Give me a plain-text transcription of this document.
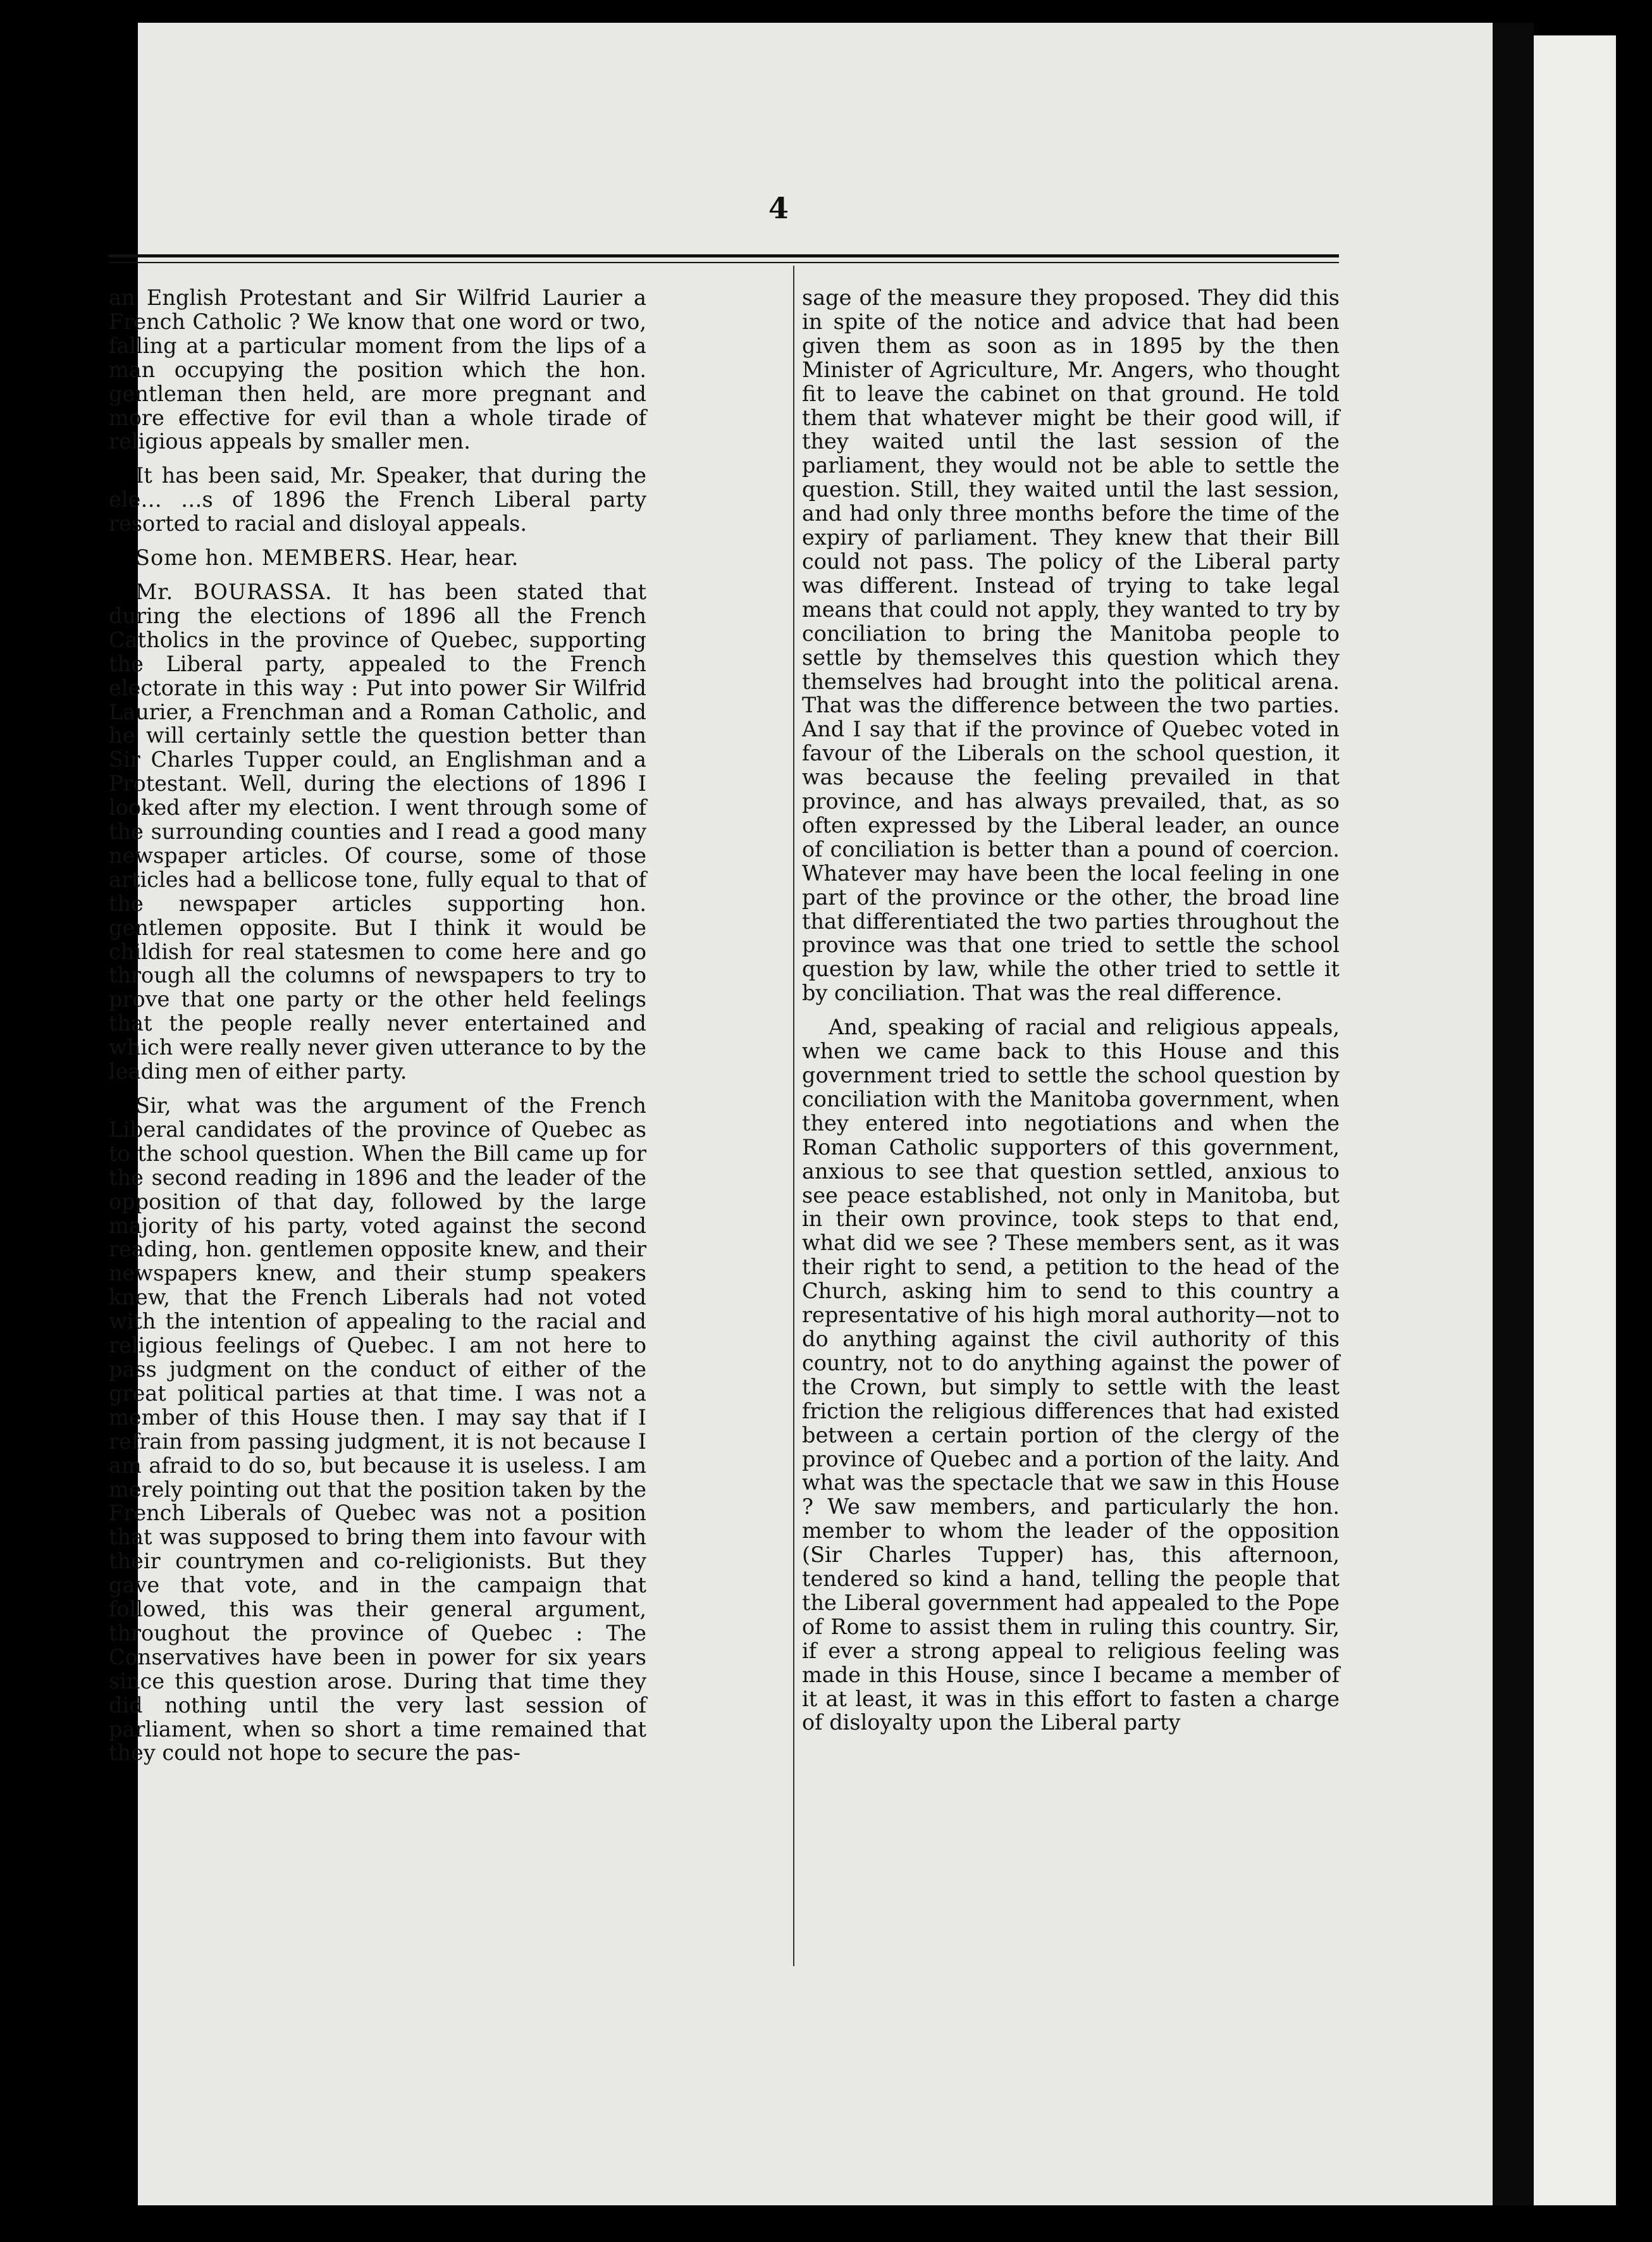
4

an English Protestant and Sir Wilfrid Laurier a French Catholic ? We know that one word or two, falling at a particular moment from the lips of a man occupying the position which the hon. gentleman then held, are more pregnant and more effective for evil than a whole tirade of religious appeals by smaller men.

It has been said, Mr. Speaker, that during the ele… …s of 1896 the French Liberal party resorted to racial and disloyal appeals.

Some hon. MEMBERS. Hear, hear.

Mr. BOURASSA. It has been stated that during the elections of 1896 all the French Catholics in the province of Quebec, supporting the Liberal party, appealed to the French electorate in this way : Put into power Sir Wilfrid Laurier, a Frenchman and a Roman Catholic, and he will certainly settle the question better than Sir Charles Tupper could, an Englishman and a Protestant. Well, during the elections of 1896 I looked after my election. I went through some of the surrounding counties and I read a good many newspaper articles. Of course, some of those articles had a bellicose tone, fully equal to that of the newspaper articles supporting hon. gentlemen opposite. But I think it would be childish for real statesmen to come here and go through all the columns of newspapers to try to prove that one party or the other held feelings that the people really never entertained and which were really never given utterance to by the leading men of either party.

Sir, what was the argument of the French Liberal candidates of the province of Quebec as to the school question. When the Bill came up for the second reading in 1896 and the leader of the opposition of that day, followed by the large majority of his party, voted against the second reading, hon. gentlemen opposite knew, and their newspapers knew, and their stump speakers knew, that the French Liberals had not voted with the intention of appealing to the racial and religious feelings of Quebec. I am not here to pass judgment on the conduct of either of the great political parties at that time. I was not a member of this House then. I may say that if I refrain from passing judgment, it is not because I am afraid to do so, but because it is useless. I am merely pointing out that the position taken by the French Liberals of Quebec was not a position that was supposed to bring them into favour with their countrymen and co-religionists. But they gave that vote, and in the campaign that followed, this was their general argument, throughout the province of Quebec : The Conservatives have been in power for six years since this question arose. During that time they did nothing until the very last session of parliament, when so short a time remained that they could not hope to secure the pas-

sage of the measure they proposed. They did this in spite of the notice and advice that had been given them as soon as in 1895 by the then Minister of Agriculture, Mr. Angers, who thought fit to leave the cabinet on that ground. He told them that whatever might be their good will, if they waited until the last session of the parliament, they would not be able to settle the question. Still, they waited until the last session, and had only three months before the time of the expiry of parliament. They knew that their Bill could not pass. The policy of the Liberal party was different. Instead of trying to take legal means that could not apply, they wanted to try by conciliation to bring the Manitoba people to settle by themselves this question which they themselves had brought into the political arena. That was the difference between the two parties. And I say that if the province of Quebec voted in favour of the Liberals on the school question, it was because the feeling prevailed in that province, and has always prevailed, that, as so often expressed by the Liberal leader, an ounce of conciliation is better than a pound of coercion. Whatever may have been the local feeling in one part of the province or the other, the broad line that differentiated the two parties throughout the province was that one tried to settle the school question by law, while the other tried to settle it by conciliation. That was the real difference.

And, speaking of racial and religious appeals, when we came back to this House and this government tried to settle the school question by conciliation with the Manitoba government, when they entered into negotiations and when the Roman Catholic supporters of this government, anxious to see that question settled, anxious to see peace established, not only in Manitoba, but in their own province, took steps to that end, what did we see ? These members sent, as it was their right to send, a petition to the head of the Church, asking him to send to this country a representative of his high moral authority—not to do anything against the civil authority of this country, not to do anything against the power of the Crown, but simply to settle with the least friction the religious differences that had existed between a certain portion of the clergy of the province of Quebec and a portion of the laity. And what was the spectacle that we saw in this House ? We saw members, and particularly the hon. member to whom the leader of the opposition (Sir Charles Tupper) has, this afternoon, tendered so kind a hand, telling the people that the Liberal government had appealed to the Pope of Rome to assist them in ruling this country. Sir, if ever a strong appeal to religious feeling was made in this House, since I became a member of it at least, it was in this effort to fasten a charge of disloyalty upon the Liberal party
